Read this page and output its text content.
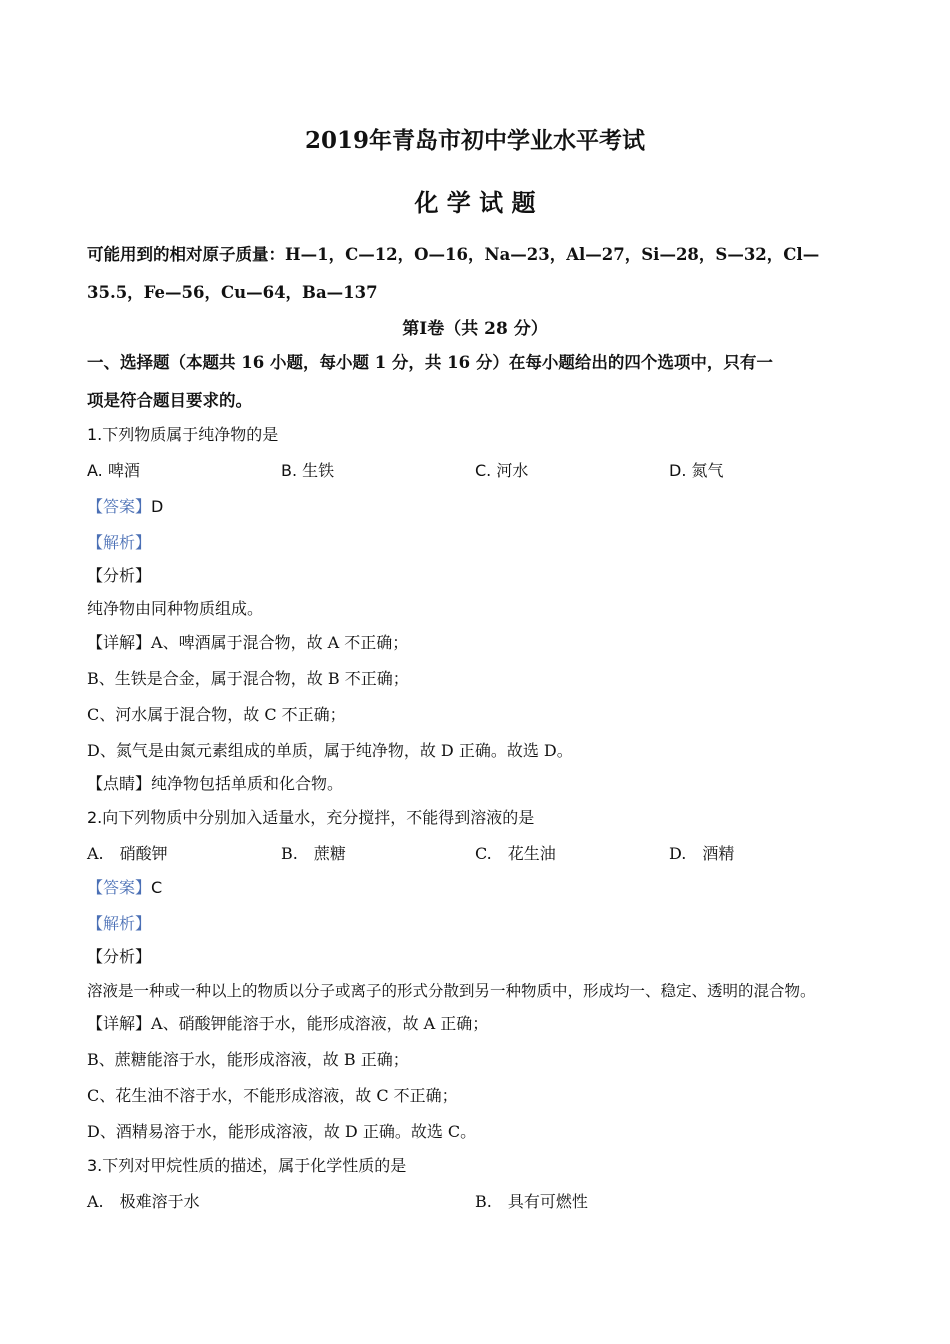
2019年青岛市初中学业水平考试
化 学 试 题
可能用到的相对原子质量：H—1，C—12，O—16，Na—23，Al—27，Si—28，S—32，Cl—
35.5，Fe—56，Cu—64，Ba—137
第Ⅰ卷（共 28 分）
一、选择题（本题共 16 小题，每小题 1 分，共 16 分）在每小题给出的四个选项中，只有一
项是符合题目要求的。
1.下列物质属于纯净物的是
A. 啤酒	B. 生铁	C. 河水	D. 氮气
【答案】D
【解析】
【分析】
纯净物由同种物质组成。
【详解】A、啤酒属于混合物，故 A 不正确；
B、生铁是合金，属于混合物，故 B 不正确；
C、河水属于混合物，故 C 不正确；
D、氮气是由氮元素组成的单质，属于纯净物，故 D 正确。故选 D。
【点睛】纯净物包括单质和化合物。
2.向下列物质中分别加入适量水，充分搅拌，不能得到溶液的是
A.　硝酸钾	B.　蔗糖	C.　花生油	D.　酒精
【答案】C
【解析】
【分析】
溶液是一种或一种以上的物质以分子或离子的形式分散到另一种物质中，形成均一、稳定、透明的混合物。
【详解】A、硝酸钾能溶于水，能形成溶液，故 A 正确；
B、蔗糖能溶于水，能形成溶液，故 B 正确；
C、花生油不溶于水，不能形成溶液，故 C 不正确；
D、酒精易溶于水，能形成溶液，故 D 正确。故选 C。
3.下列对甲烷性质的描述，属于化学性质的是
A.　极难溶于水	B.　具有可燃性
